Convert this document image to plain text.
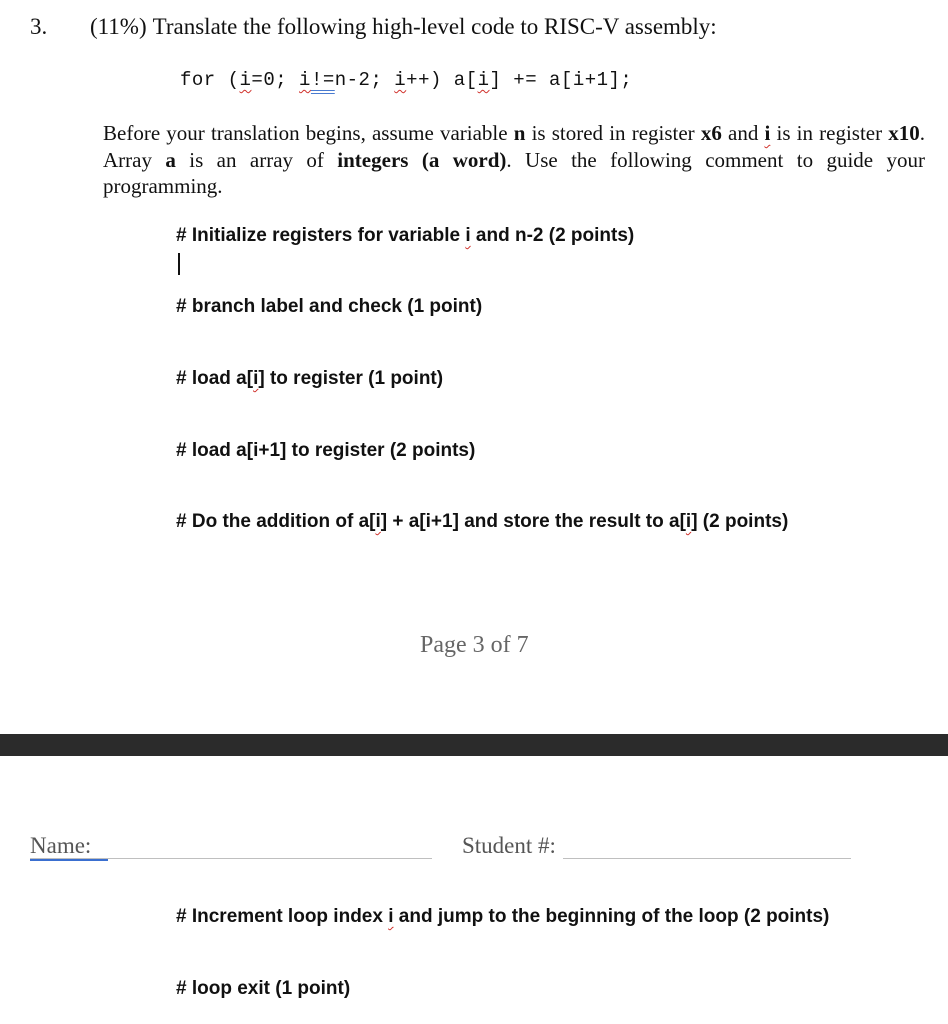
3. (11%) Translate the following high-level code to RISC-V assembly:
for (i=0; i!=n-2; i++) a[i] += a[i+1];
Before your translation begins, assume variable n is stored in register x6 and i is in register x10. Array a is an array of integers (a word). Use the following comment to guide your programming.
# Initialize registers for variable i and n-2 (2 points)
# branch label and check (1 point)
# load a[i] to register (1 point)
# load a[i+1] to register (2 points)
# Do the addition of a[i] + a[i+1] and store the result to a[i] (2 points)
Page 3 of 7
Name:	Student #:
# Increment loop index i and jump to the beginning of the loop (2 points)
# loop exit (1 point)
